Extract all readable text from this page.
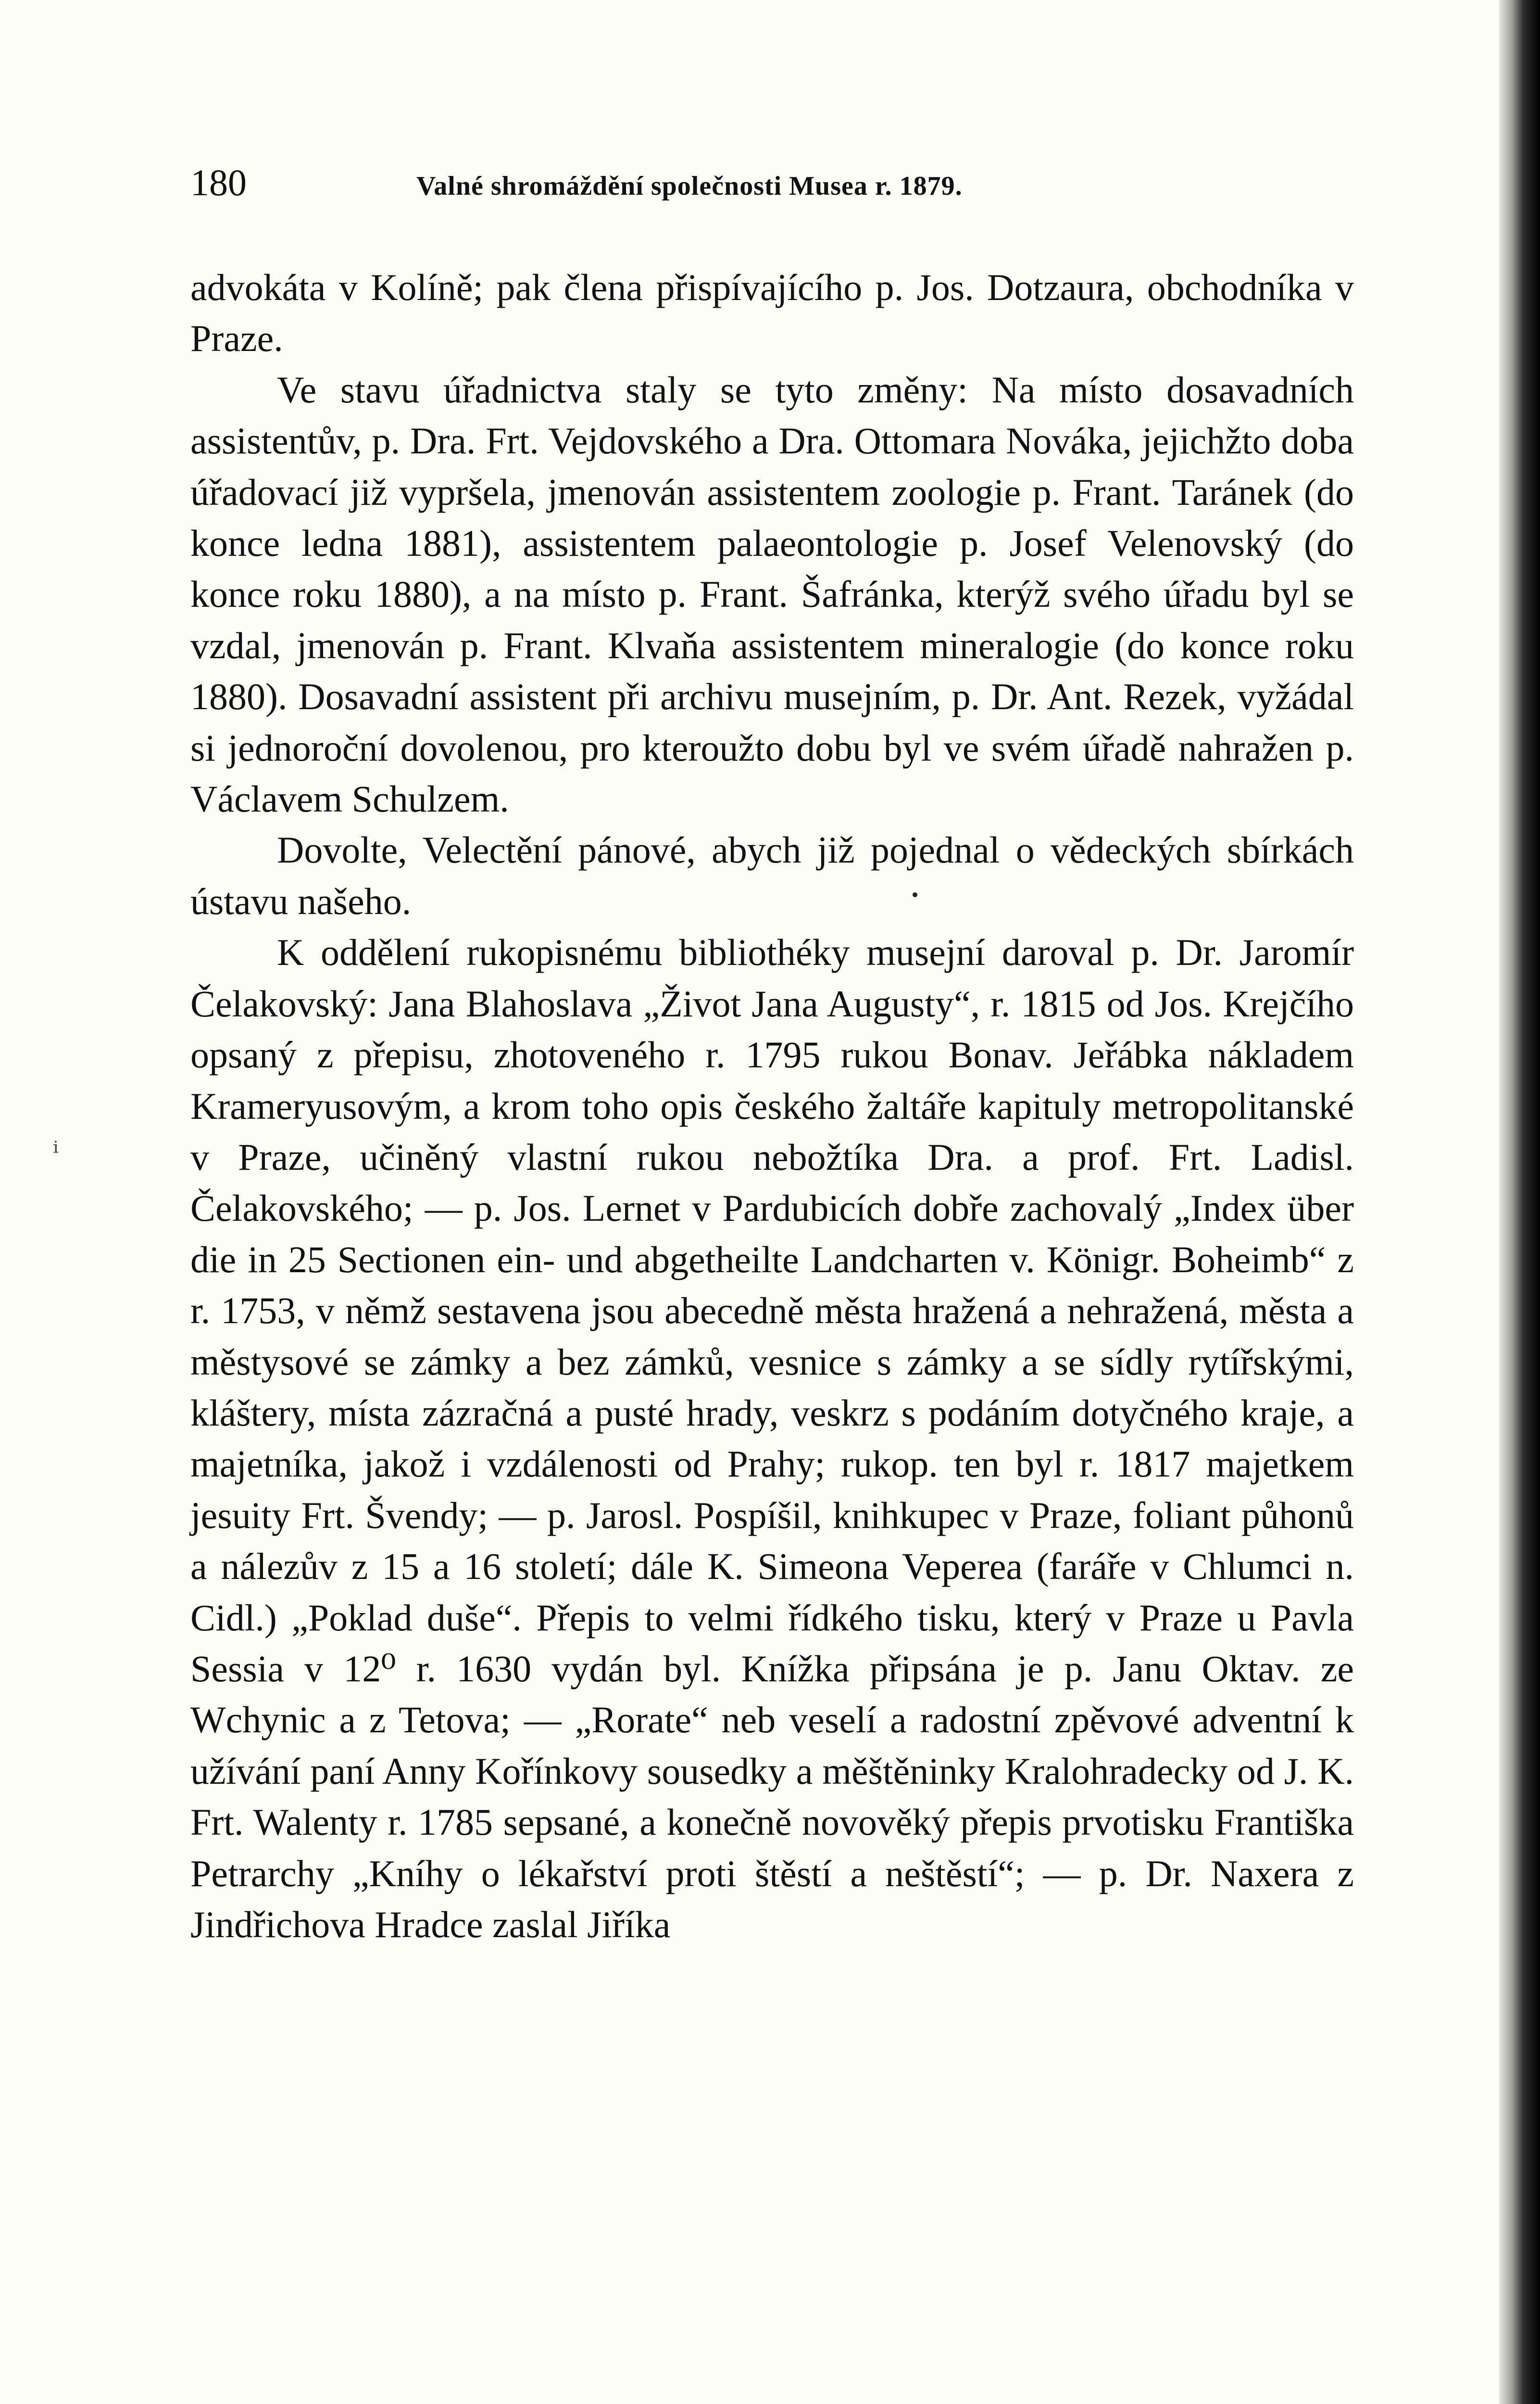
180	Valné shromáždění společnosti Musea r. 1879.
ⁱ

advokáta v Kolíně; pak člena přispívajícího p. Jos. Dotzaura, obchodníka v Praze.

Ve stavu úřadnictva staly se tyto změny: Na místo dosavadních assistentův, p. Dra. Frt. Vejdovského a Dra. Ottomara Nováka, jejichžto doba úřadovací již vypršela, jmenován assistentem zoologie p. Frant. Taránek (do konce ledna 1881), assistentem palaeontologie p. Josef Velenovský (do konce roku 1880), a na místo p. Frant. Šafránka, kterýž svého úřadu byl se vzdal, jmenován p. Frant. Klvaňa assistentem mineralogie (do konce roku 1880). Dosavadní assistent při archivu musejním, p. Dr. Ant. Rezek, vyžádal si jednoroční dovolenou, pro kteroužto dobu byl ve svém úřadě nahražen p. Václavem Schulzem.

Dovolte, Velectění pánové, abych již pojednal o vědeckých sbírkách ústavu našeho.

K oddělení rukopisnému bibliothéky musejní daroval p. Dr. Jaromír Čelakovský: Jana Blahoslava „Život Jana Augusty“, r. 1815 od Jos. Krejčího opsaný z přepisu, zhotoveného r. 1795 rukou Bonav. Jeřábka nákladem Krameryusovým, a krom toho opis českého žaltáře kapituly metropolitanské v Praze, učiněný vlastní rukou nebožtíka Dra. a prof. Frt. Ladisl. Čelakovského; — p. Jos. Lernet v Pardubicích dobře zachovalý „Index über die in 25 Sectionen ein- und abgetheilte Landcharten v. Königr. Boheimb“ z r. 1753, v němž sestavena jsou abecedně města hražená a nehražená, města a městysové se zámky a bez zámků, vesnice s zámky a se sídly rytířskými, kláštery, místa zázračná a pusté hrady, veskrz s podáním dotyčného kraje, a majetníka, jakož i vzdálenosti od Prahy; rukop. ten byl r. 1817 majetkem jesuity Frt. Švendy; — p. Jarosl. Pospíšil, knihkupec v Praze, foliant půhonů a nálezův z 15 a 16 století; dále K. Simeona Veperea (faráře v Chlumci n. Cidl.) „Poklad duše“. Přepis to velmi řídkého tisku, který v Praze u Pavla Sessia v 12⁰ r. 1630 vydán byl. Knížka připsána je p. Janu Oktav. ze Wchynic a z Tetova; — „Rorate“ neb veselí a radostní zpěvové adventní k užívání paní Anny Kořínkovy sousedky a měštěninky Kralohradecky od J. K. Frt. Walenty r. 1785 sepsané, a konečně novověký přepis prvotisku Františka Petrarchy „Kníhy o lékařství proti štěstí a neštěstí“; — p. Dr. Naxera z Jindřichova Hradce zaslal Jiříka
